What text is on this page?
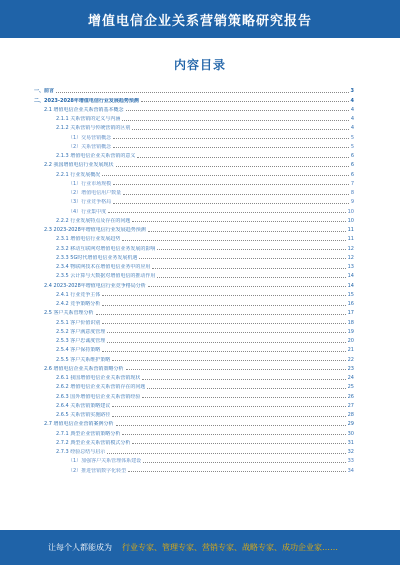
增值电信企业关系营销策略研究报告
内容目录
一、前言	3
二、2023-2028年增值电信行业发展趋势预测	4
2.1 增值电信企业关系营销基本概念	4
2.1.1 关系营销的定义与内涵	4
2.1.2 关系营销与传统营销的区别	4
（1）交易营销概念	5
（2）关系营销概念	5
2.1.3 增值电信企业关系营销的意义	6
2.2 我国增值电信行业发展现状	6
2.2.1 行业发展概况	6
（1）行业市场规模	7
（2）增值电信用户数量	8
（3）行业竞争格局	9
（4）行业集中度	10
2.2.2 行业发展特点及存在的问题	10
2.3 2023-2028年增值电信行业发展趋势预测	11
2.3.1 增值电信行业发展趋势	11
2.3.2 移动互联网对增值电信业务发展的影响	12
2.3.3 5G时代增值电信业务发展机遇	12
2.3.4 物联网技术在增值电信业务中的应用	13
2.3.5 云计算与大数据对增值电信的推动作用	14
2.4 2023-2028年增值电信行业竞争格局分析	14
2.4.1 行业竞争主体	15
2.4.2 竞争策略分析	16
2.5 客户关系管理分析	17
2.5.1 客户价值识别	18
2.5.2 客户满意度管理	19
2.5.3 客户忠诚度管理	20
2.5.4 客户保持策略	21
2.5.5 客户关系维护策略	22
2.6 增值电信企业关系营销策略分析	23
2.6.1 我国增值电信企业关系营销现状	24
2.6.2 增值电信企业关系营销存在的问题	25
2.6.3 国外增值电信企业关系营销经验	26
2.6.4 关系营销策略建议	27
2.6.5 关系营销实施路径	28
2.7 增值电信企业营销案例分析	29
2.7.1 典型企业营销策略分析	30
2.7.2 典型企业关系营销模式分析	31
2.7.3 经验总结与启示	32
（1）加强客户关系管理体系建设	33
（2）推进营销数字化转型	34
让每个人都能成为 行业专家、管理专家、营销专家、战略专家、成功企业家……
